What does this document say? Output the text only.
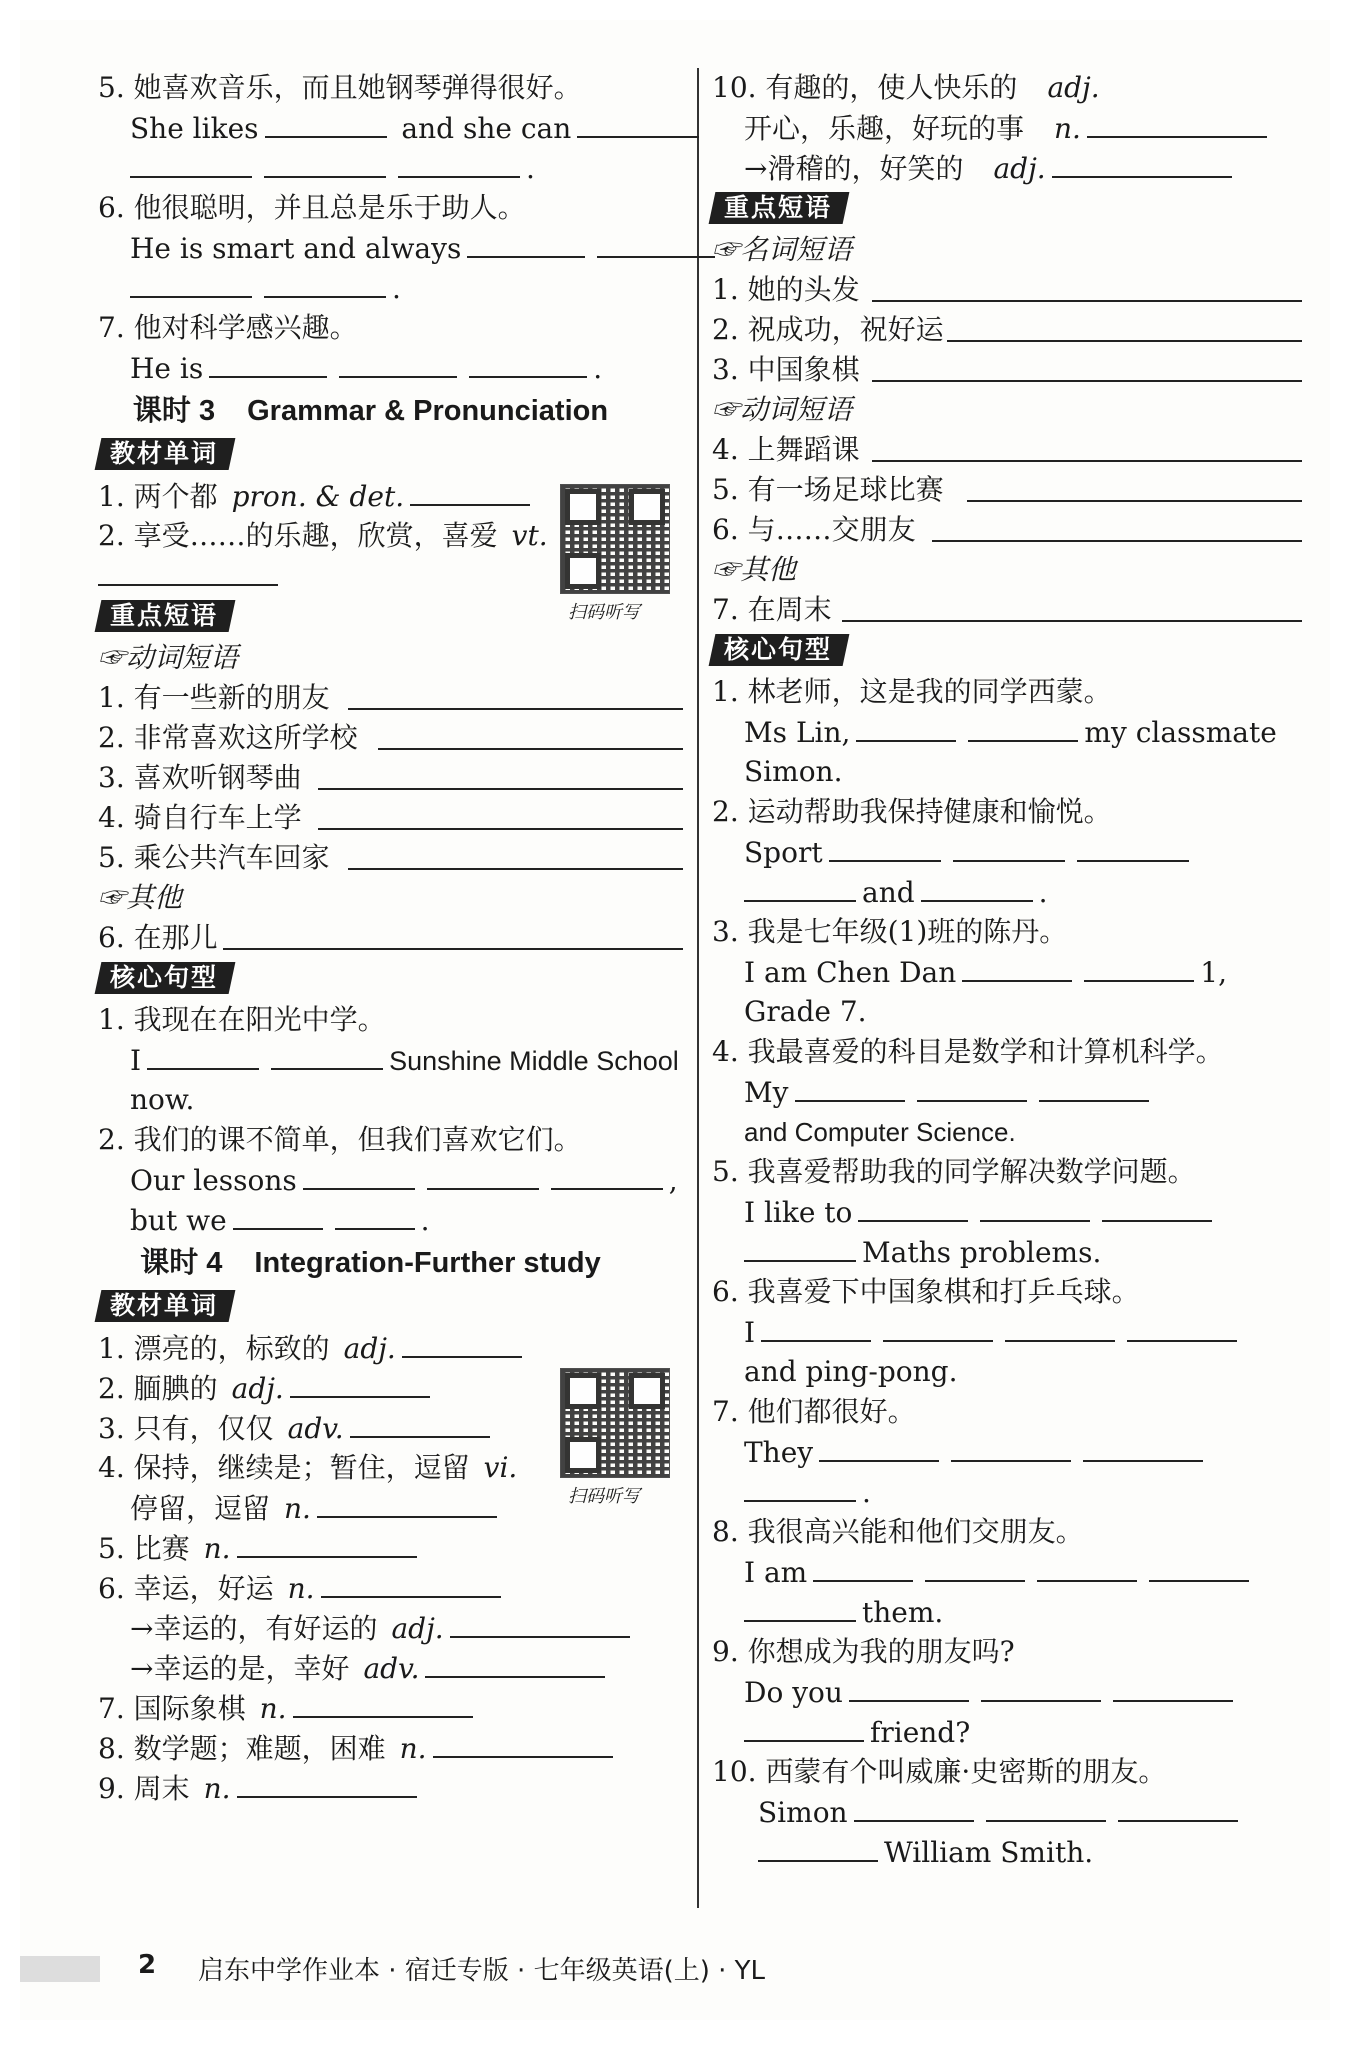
5. 她喜欢音乐，而且她钢琴弹得很好。
She likes	and she can
.
6. 他很聪明，并且总是乐于助人。
He is smart and always
.
7. 他对科学感兴趣。
He is	.
课时 3 Grammar & Pronunciation
教材单词
1. 两个都 pron. & det.
2. 享受……的乐趣，欣赏，喜爱 vt.
重点短语
☞动词短语
1. 有一些新的朋友
2. 非常喜欢这所学校
3. 喜欢听钢琴曲
4. 骑自行车上学
5. 乘公共汽车回家
☞其他
6. 在那儿
核心句型
1. 我现在在阳光中学。
I	Sunshine Middle School
now.
2. 我们的课不简单，但我们喜欢它们。
Our lessons	,
but we	.
课时 4 Integration-Further study
教材单词
1. 漂亮的，标致的 adj.
2. 腼腆的 adj.
3. 只有，仅仅 adv.
4. 保持，继续是；暂住，逗留 vi.
停留，逗留 n.
5. 比赛 n.
6. 幸运，好运 n.
→幸运的，有好运的 adj.
→幸运的是，幸好 adv.
7. 国际象棋 n.
8. 数学题；难题，困难 n.
9. 周末 n.
扫码听写
扫码听写
10. 有趣的，使人快乐的 adj.
开心，乐趣，好玩的事 n.
→滑稽的，好笑的 adj.
重点短语
☞名词短语
1. 她的头发
2. 祝成功，祝好运
3. 中国象棋
☞动词短语
4. 上舞蹈课
5. 有一场足球比赛
6. 与……交朋友
☞其他
7. 在周末
核心句型
1. 林老师，这是我的同学西蒙。
Ms Lin,	my classmate
Simon.
2. 运动帮助我保持健康和愉悦。
Sport
and	.
3. 我是七年级(1)班的陈丹。
I am Chen Dan	1,
Grade 7.
4. 我最喜爱的科目是数学和计算机科学。
My
and Computer Science.
5. 我喜爱帮助我的同学解决数学问题。
I like to
Maths problems.
6. 我喜爱下中国象棋和打乒乓球。
I
and ping-pong.
7. 他们都很好。
They
.
8. 我很高兴能和他们交朋友。
I am
them.
9. 你想成为我的朋友吗?
Do you
friend?
10. 西蒙有个叫威廉·史密斯的朋友。
Simon
William Smith.
2 启东中学作业本 · 宿迁专版 · 七年级英语(上) · YL
